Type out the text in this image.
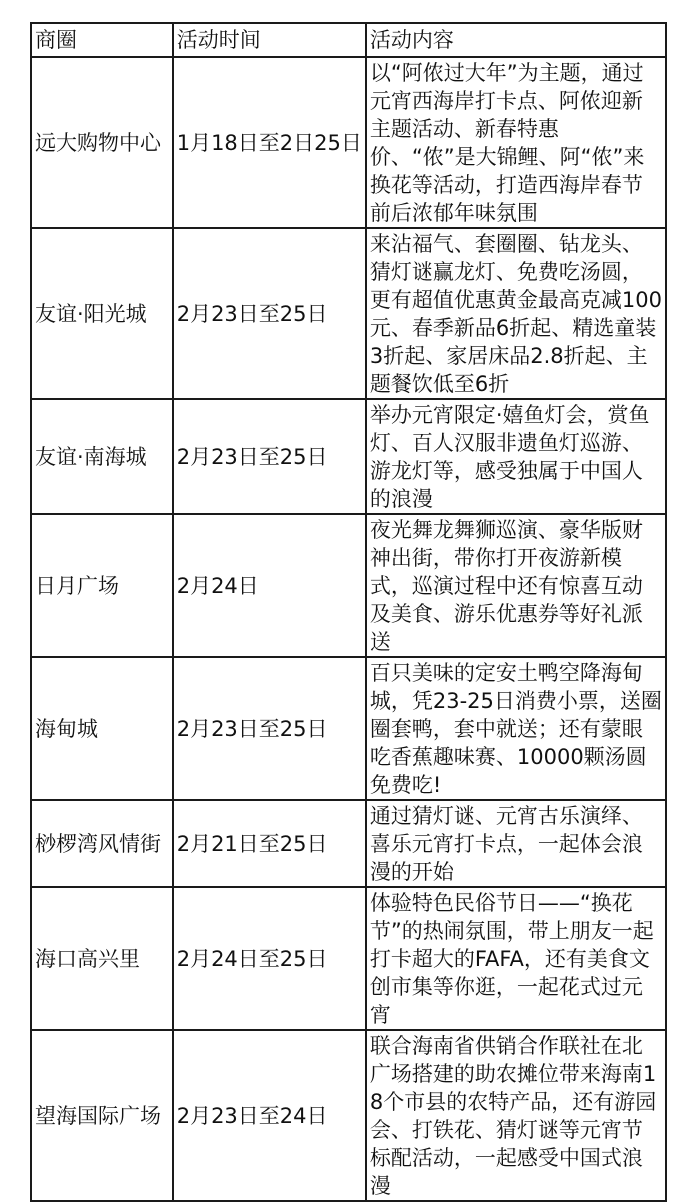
商圈	活动时间	活动内容
远大购物中心	1月18日至2日25日	以“阿侬过大年”为主题，通过元宵西海岸打卡点、阿侬迎新主题活动、新春特惠价、“侬”是大锦鲤、阿“侬”来换花等活动，打造西海岸春节前后浓郁年味氛围
友谊·阳光城	2月23日至25日	来沾福气、套圈圈、钻龙头、猜灯谜赢龙灯、免费吃汤圆，更有超值优惠黄金最高克减100元、春季新品6折起、精选童装3折起、家居床品2.8折起、主题餐饮低至6折
友谊·南海城	2月23日至25日	举办元宵限定·嬉鱼灯会，赏鱼灯、百人汉服非遗鱼灯巡游、游龙灯等，感受独属于中国人的浪漫
日月广场	2月24日	夜光舞龙舞狮巡演、豪华版财神出街，带你打开夜游新模式，巡演过程中还有惊喜互动及美食、游乐优惠券等好礼派送
海甸城	2月23日至25日	百只美味的定安土鸭空降海甸城，凭23-25日消费小票，送圈圈套鸭，套中就送；还有蒙眼吃香蕉趣味赛、10000颗汤圆免费吃!
桫椤湾风情街	2月21日至25日	通过猜灯谜、元宵古乐演绎、喜乐元宵打卡点，一起体会浪漫的开始
海口高兴里	2月24日至25日	体验特色民俗节日——“换花节”的热闹氛围，带上朋友一起打卡超大的FAFA，还有美食文创市集等你逛，一起花式过元宵
望海国际广场	2月23日至24日	联合海南省供销合作联社在北广场搭建的助农摊位带来海南18个市县的农特产品，还有游园会、打铁花、猜灯谜等元宵节标配活动，一起感受中国式浪漫
